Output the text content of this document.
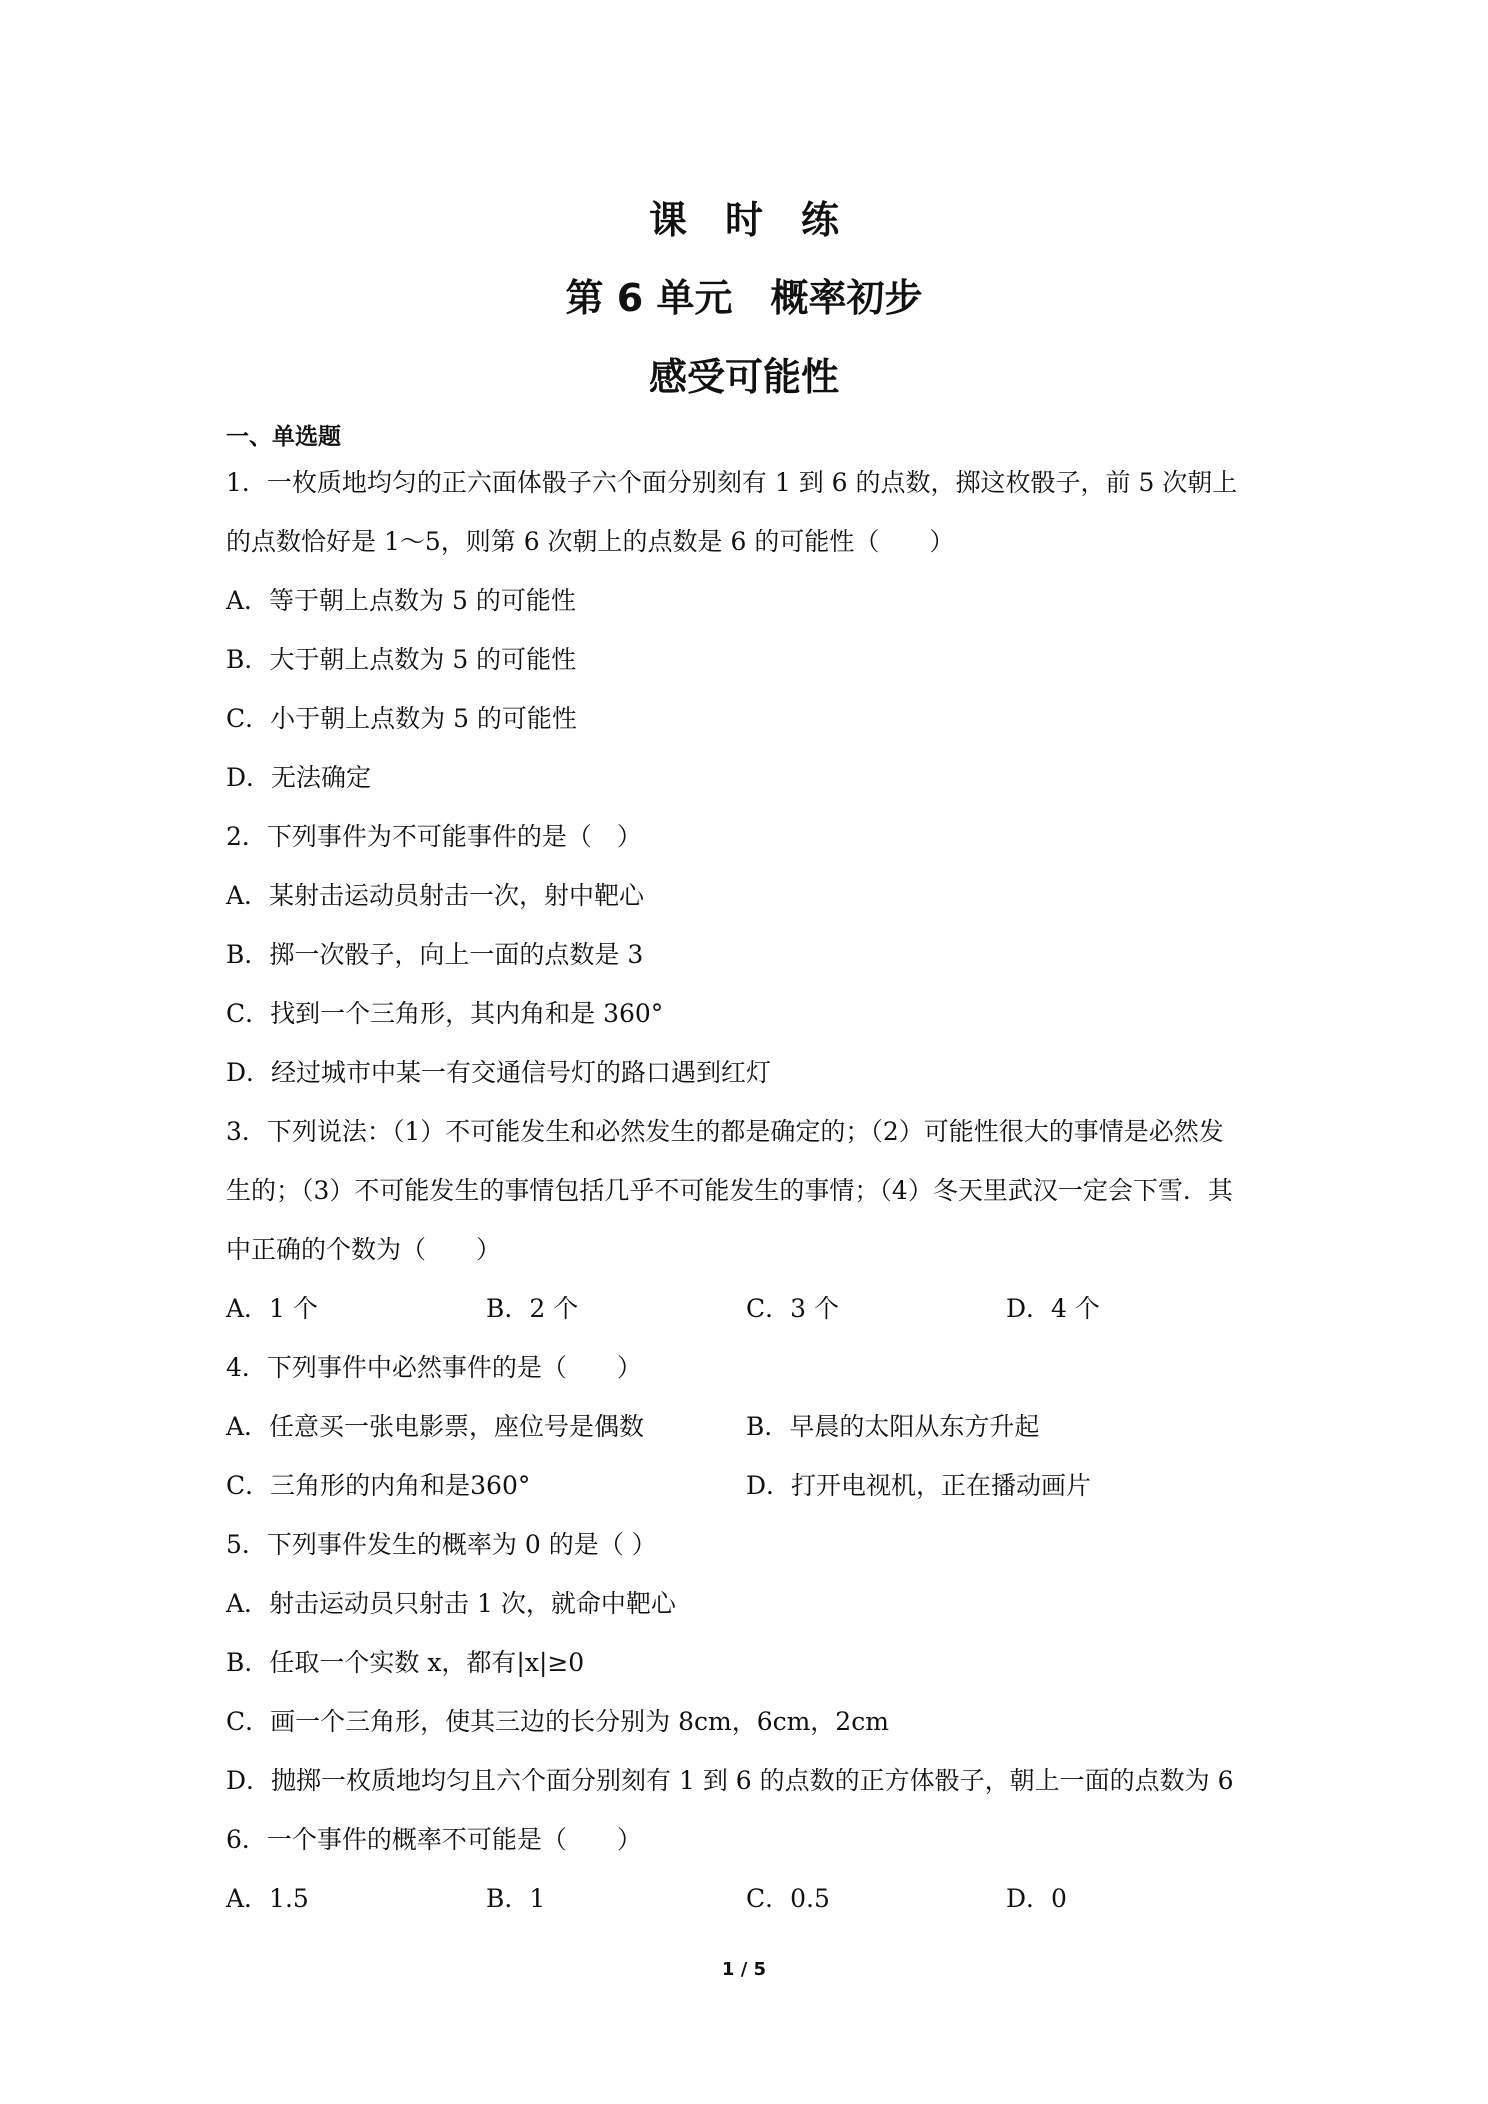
课　时　练
第 6 单元　概率初步
感受可能性
一、单选题
1．一枚质地均匀的正六面体骰子六个面分别刻有 1 到 6 的点数，掷这枚骰子，前 5 次朝上
的点数恰好是 1～5，则第 6 次朝上的点数是 6 的可能性（　　）
A．等于朝上点数为 5 的可能性
B．大于朝上点数为 5 的可能性
C．小于朝上点数为 5 的可能性
D．无法确定
2．下列事件为不可能事件的是（　）
A．某射击运动员射击一次，射中靶心
B．掷一次骰子，向上一面的点数是 3
C．找到一个三角形，其内角和是 360°
D．经过城市中某一有交通信号灯的路口遇到红灯
3．下列说法：（1）不可能发生和必然发生的都是确定的；（2）可能性很大的事情是必然发
生的；（3）不可能发生的事情包括几乎不可能发生的事情；（4）冬天里武汉一定会下雪．其
中正确的个数为（　　）
A．1 个	B．2 个	C．3 个	D．4 个
4．下列事件中必然事件的是（　　）
A．任意买一张电影票，座位号是偶数	B．早晨的太阳从东方升起
C．三角形的内角和是360°	D．打开电视机，正在播动画片
5．下列事件发生的概率为 0 的是（ ）
A．射击运动员只射击 1 次，就命中靶心
B．任取一个实数 x，都有|x|≥0
C．画一个三角形，使其三边的长分别为 8cm，6cm，2cm
D．抛掷一枚质地均匀且六个面分别刻有 1 到 6 的点数的正方体骰子，朝上一面的点数为 6
6．一个事件的概率不可能是（　　）
A．1.5	B．1	C．0.5	D．0
1 / 5
